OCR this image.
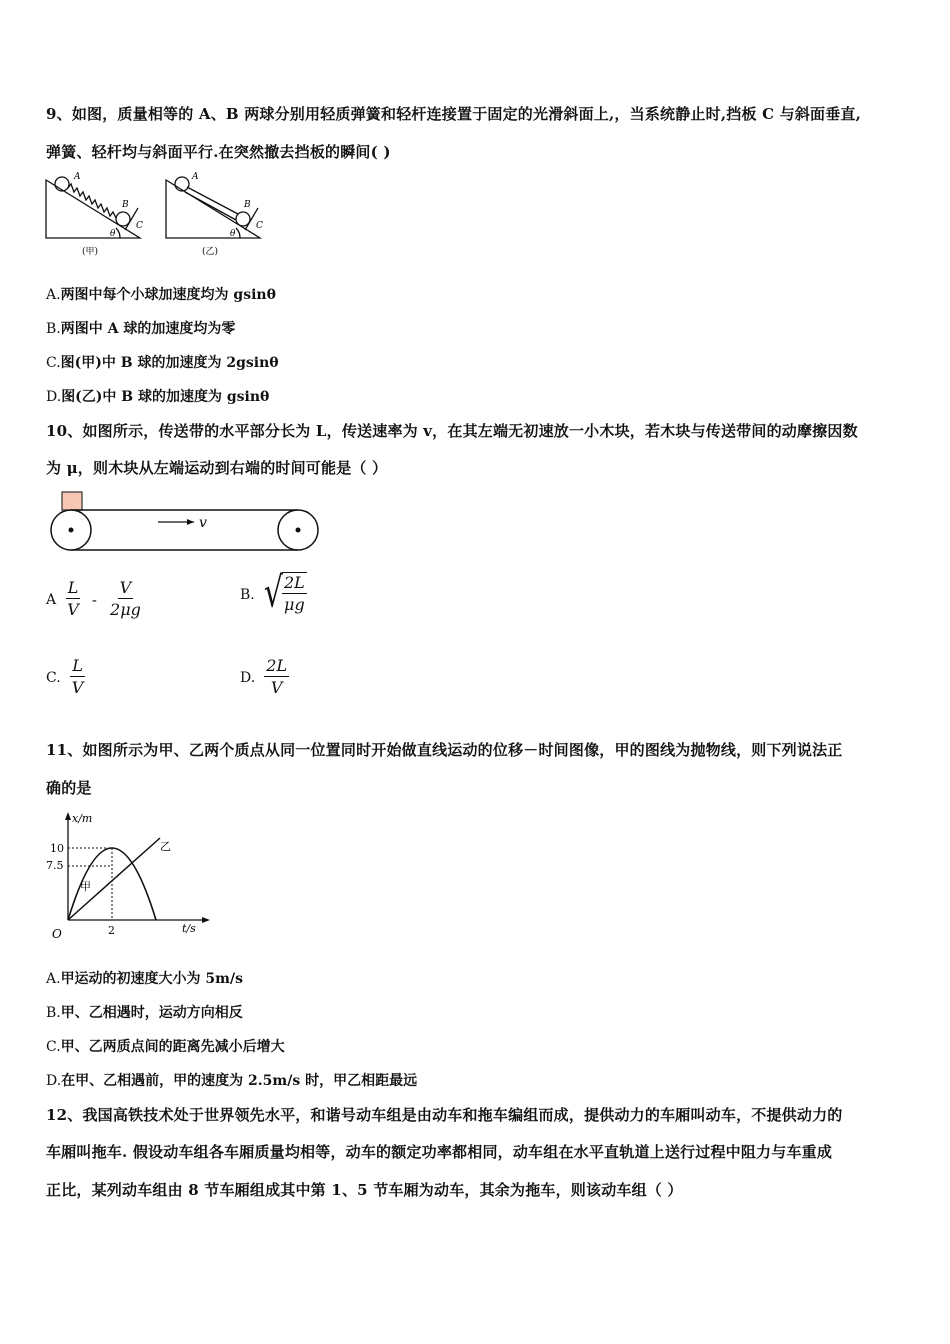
9、如图，质量相等的 A、B 两球分别用轻质弹簧和轻杆连接置于固定的光滑斜面上,，当系统静止时,挡板 C 与斜面垂直,
弹簧、轻杆均与斜面平行.在突然撤去挡板的瞬间( )
A
B
C
θ
(甲)
A
B
C
θ
(乙)
A.两图中每个小球加速度均为 gsinθ
B.两图中 A 球的加速度均为零
C.图(甲)中 B 球的加速度为 2gsinθ
D.图(乙)中 B 球的加速度为 gsinθ
10、如图所示，传送带的水平部分长为 L，传送速率为 v，在其左端无初速放一小木块，若木块与传送带间的动摩擦因数
为 μ，则木块从左端运动到右端的时间可能是（ ）
v
A $\frac{L}{V} - \frac{V}{2\mu g}$	B. √ $\frac{2L}{\mu g}$
C. $\frac{L}{V}$	D. $\frac{2L}{V}$
11、如图所示为甲、乙两个质点从同一位置同时开始做直线运动的位移－时间图像，甲的图线为抛物线，则下列说法正
确的是
x/m
t/s
O
10
7.5
2
甲
乙
A.甲运动的初速度大小为 5m/s
B.甲、乙相遇时，运动方向相反
C.甲、乙两质点间的距离先减小后增大
D.在甲、乙相遇前，甲的速度为 2.5m/s 时，甲乙相距最远
12、我国高铁技术处于世界领先水平，和谐号动车组是由动车和拖车编组而成，提供动力的车厢叫动车，不提供动力的
车厢叫拖车. 假设动车组各车厢质量均相等，动车的额定功率都相同，动车组在水平直轨道上送行过程中阻力与车重成
正比，某列动车组由 8 节车厢组成其中第 1、5 节车厢为动车，其余为拖车，则该动车组（ ）
